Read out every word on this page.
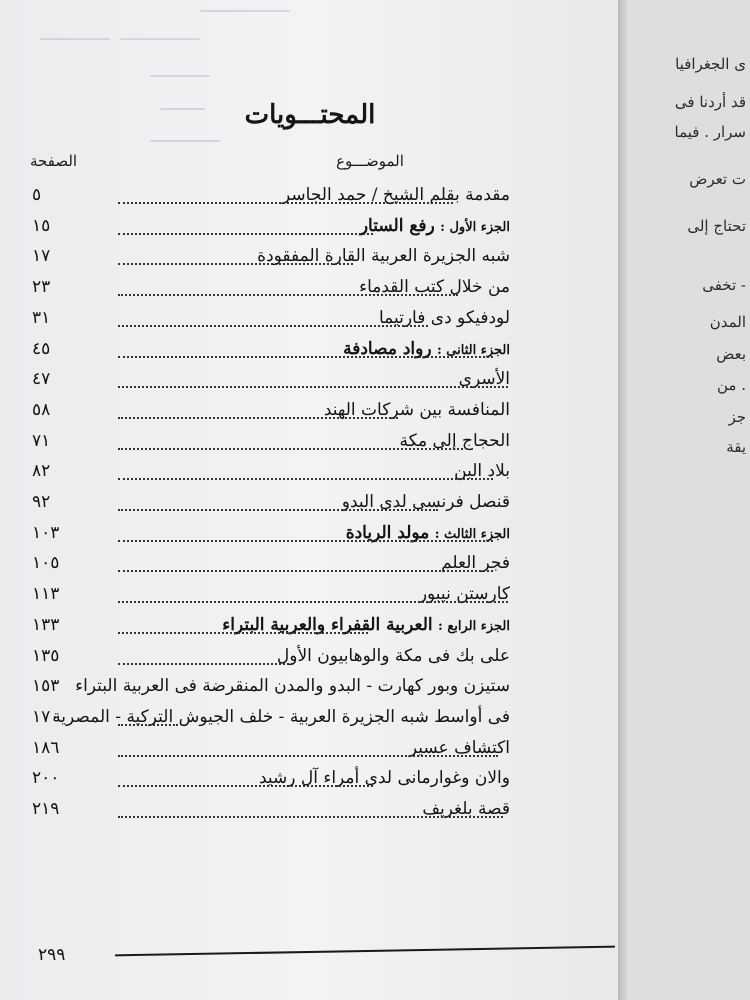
المحتـــويات
الموضـــوع
الصفحة
مقدمة بقلم الشيخ / حمد الجاسر
٥
الجزء الأول : رفع الستار
١٥
شبه الجزيرة العربية القارة المفقودة
١٧
من خلال كتب القدماء
٢٣
لودفيكو دى فارتيما
٣١
الجزء الثانى : رواد مصادفة
٤٥
الأسرى
٤٧
المنافسة بين شركات الهند
٥٨
الحجاج إلى مكة
٧١
بلاد البن
٨٢
قنصل فرنسى لدى البدو
٩٢
الجزء الثالث : مولد الريادة
١٠٣
فجر العلم
١٠٥
كارستن نيبور
١١٣
الجزء الرابع : العربية القفراء والعربية البتراء
١٣٣
على بك فى مكة والوهابيون الأول
١٣٥
ستيزن وبور كهارت - البدو والمدن المنقرضة فى العربية البتراء
١٥٣
فى أواسط شبه الجزيرة العربية - خلف الجيوش التركية - المصرية
١٧٠
اكتشاف عسير
١٨٦
والان وغوارمانى لدى أمراء آل رشيد
٢٠٠
قصة بلغريف
٢١٩
٢٩٩
ى الجغرافيا
قد أردنا فى
سرار . فيما
ت تعرض
تحتاج إلى
- تخفى
المدن
بعض
. من
جز
يقة
